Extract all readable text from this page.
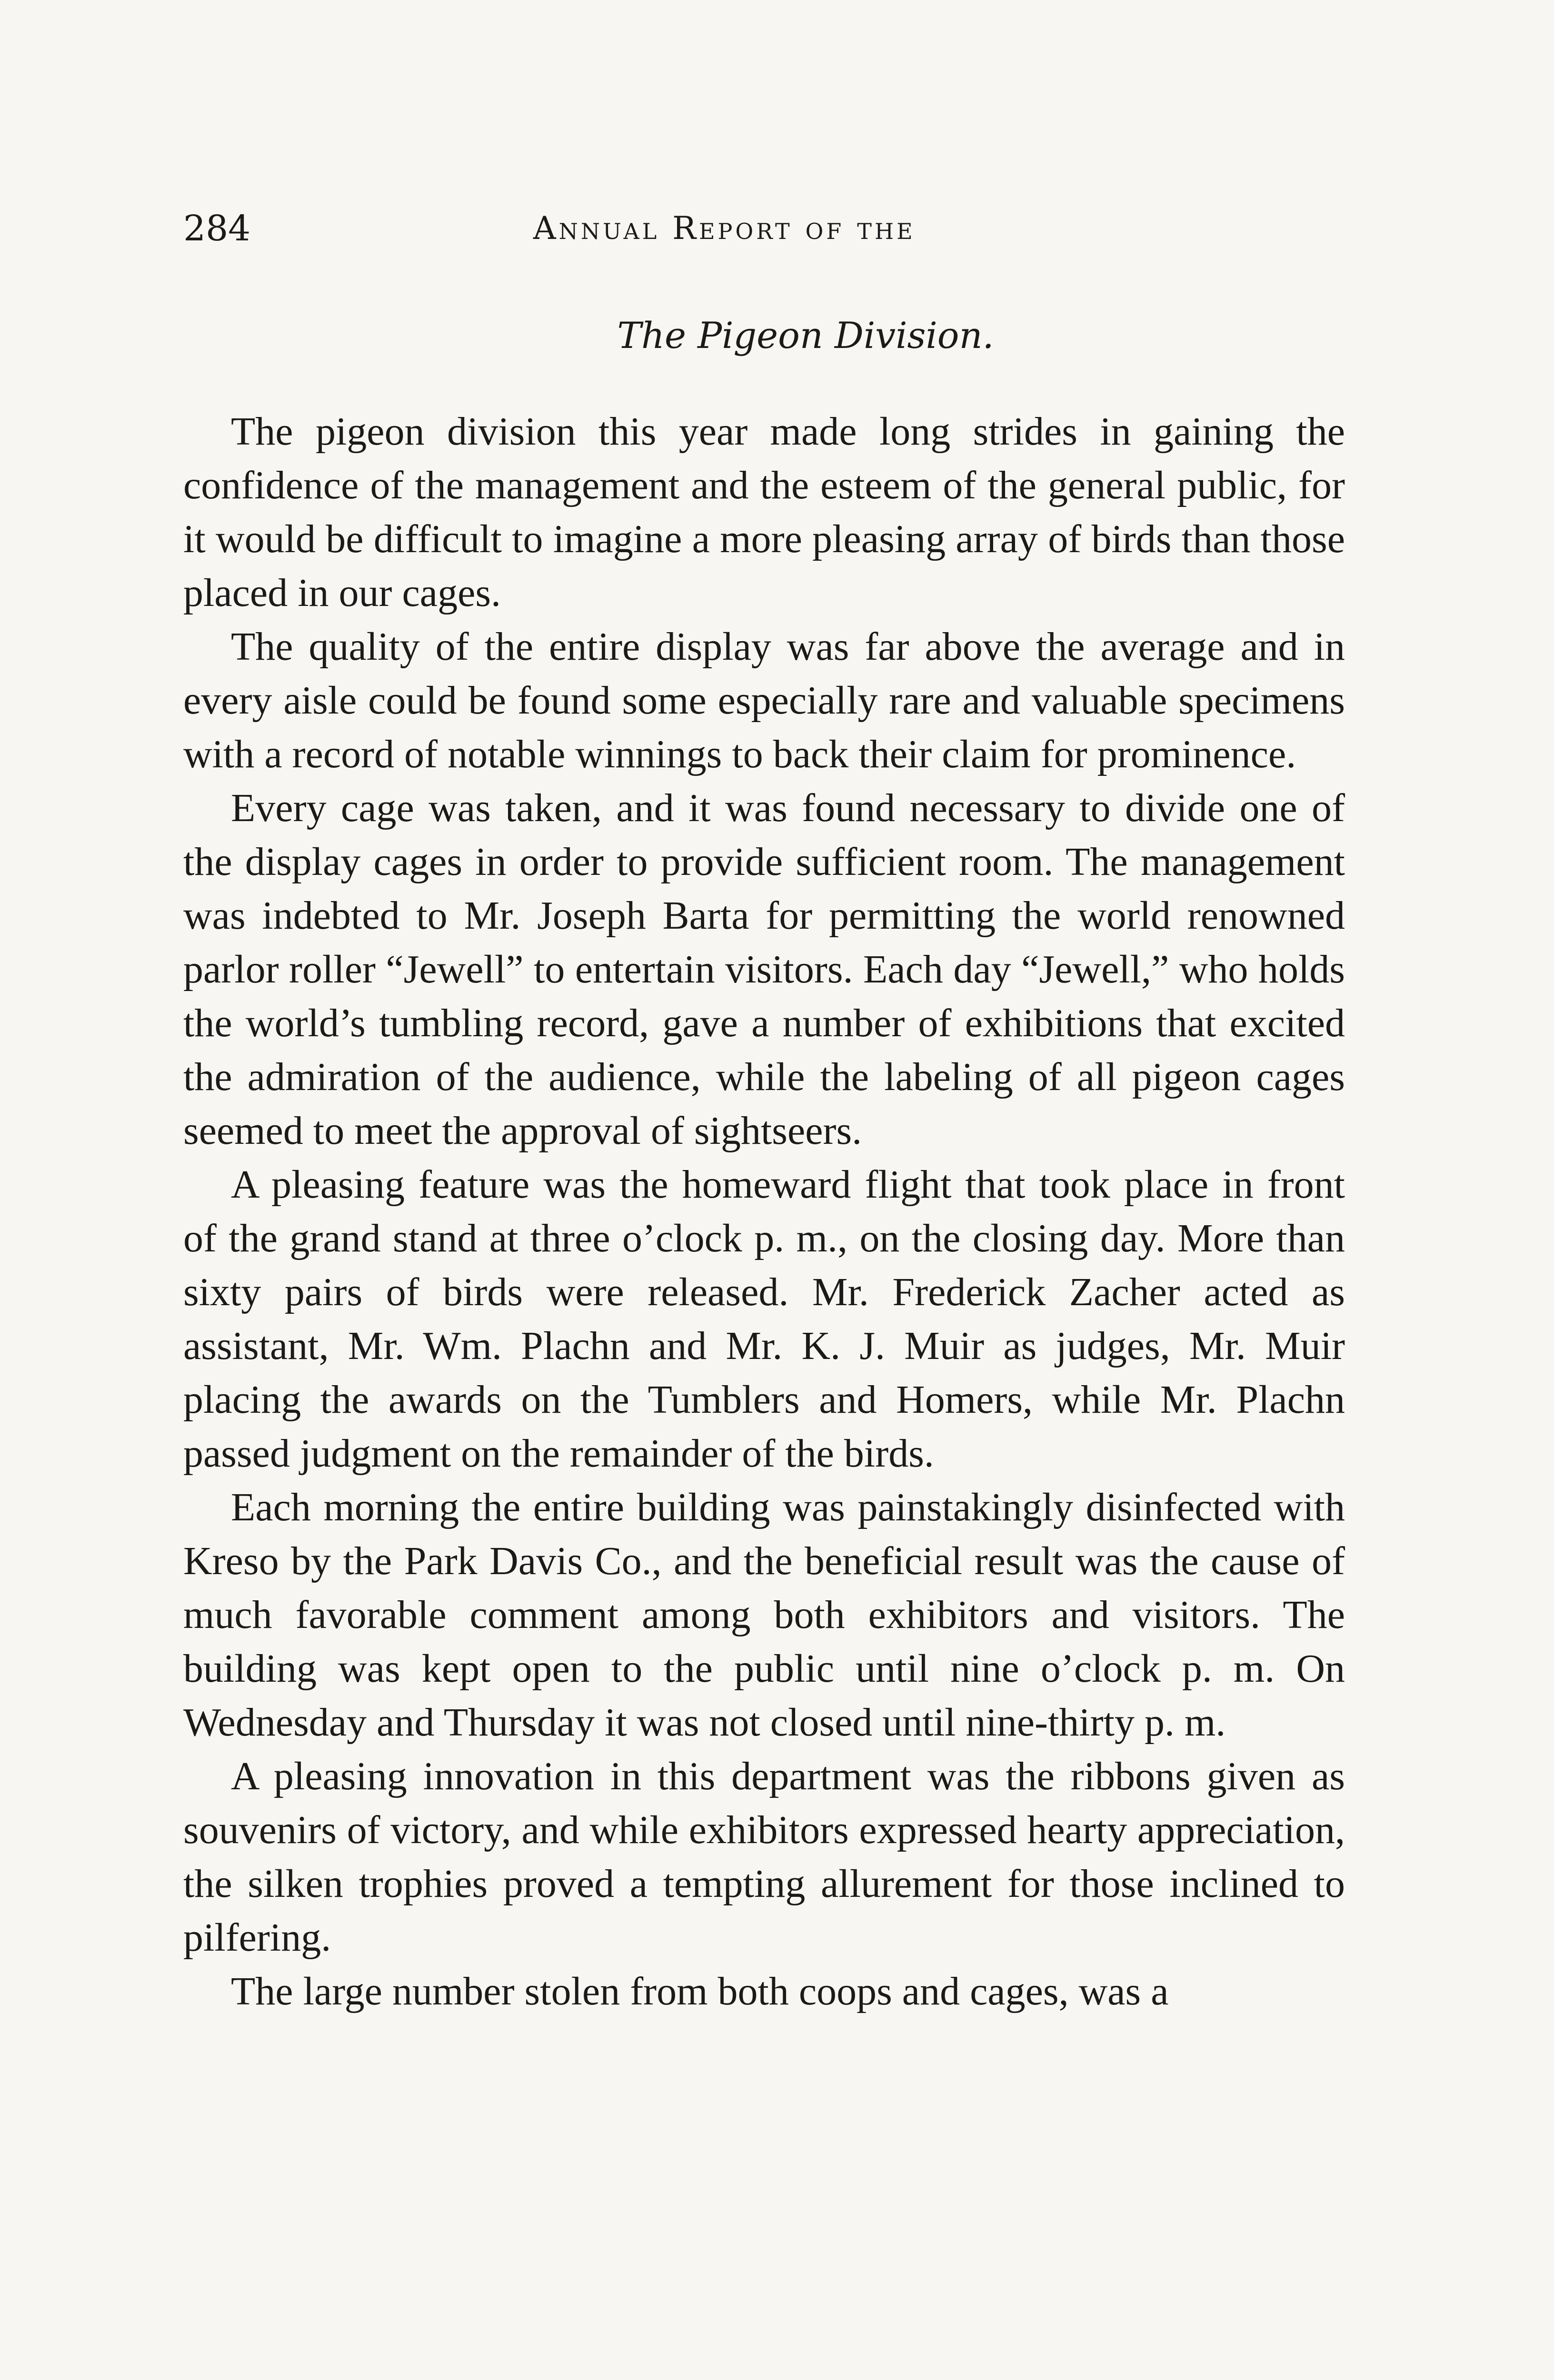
284	Annual Report of the
The Pigeon Division.

The pigeon division this year made long strides in gaining the confidence of the management and the esteem of the general public, for it would be difficult to imagine a more pleasing array of birds than those placed in our cages.

The quality of the entire display was far above the average and in every aisle could be found some especially rare and valuable specimens with a record of notable winnings to back their claim for prominence.

Every cage was taken, and it was found necessary to divide one of the display cages in order to provide sufficient room. The management was indebted to Mr. Joseph Barta for permitting the world renowned parlor roller “Jewell” to entertain visitors. Each day “Jewell,” who holds the world’s tumbling record, gave a number of exhibitions that excited the admiration of the audience, while the labeling of all pigeon cages seemed to meet the approval of sightseers.

A pleasing feature was the homeward flight that took place in front of the grand stand at three o’clock p. m., on the closing day. More than sixty pairs of birds were released. Mr. Frederick Zacher acted as assistant, Mr. Wm. Plachn and Mr. K. J. Muir as judges, Mr. Muir placing the awards on the Tumblers and Homers, while Mr. Plachn passed judgment on the remainder of the birds.

Each morning the entire building was painstakingly disinfected with Kreso by the Park Davis Co., and the beneficial result was the cause of much favorable comment among both exhibitors and visitors. The building was kept open to the public until nine o’clock p. m. On Wednesday and Thursday it was not closed until nine-thirty p. m.

A pleasing innovation in this department was the ribbons given as souvenirs of victory, and while exhibitors expressed hearty appreciation, the silken trophies proved a tempting allurement for those inclined to pilfering.

The large number stolen from both coops and cages, was a
